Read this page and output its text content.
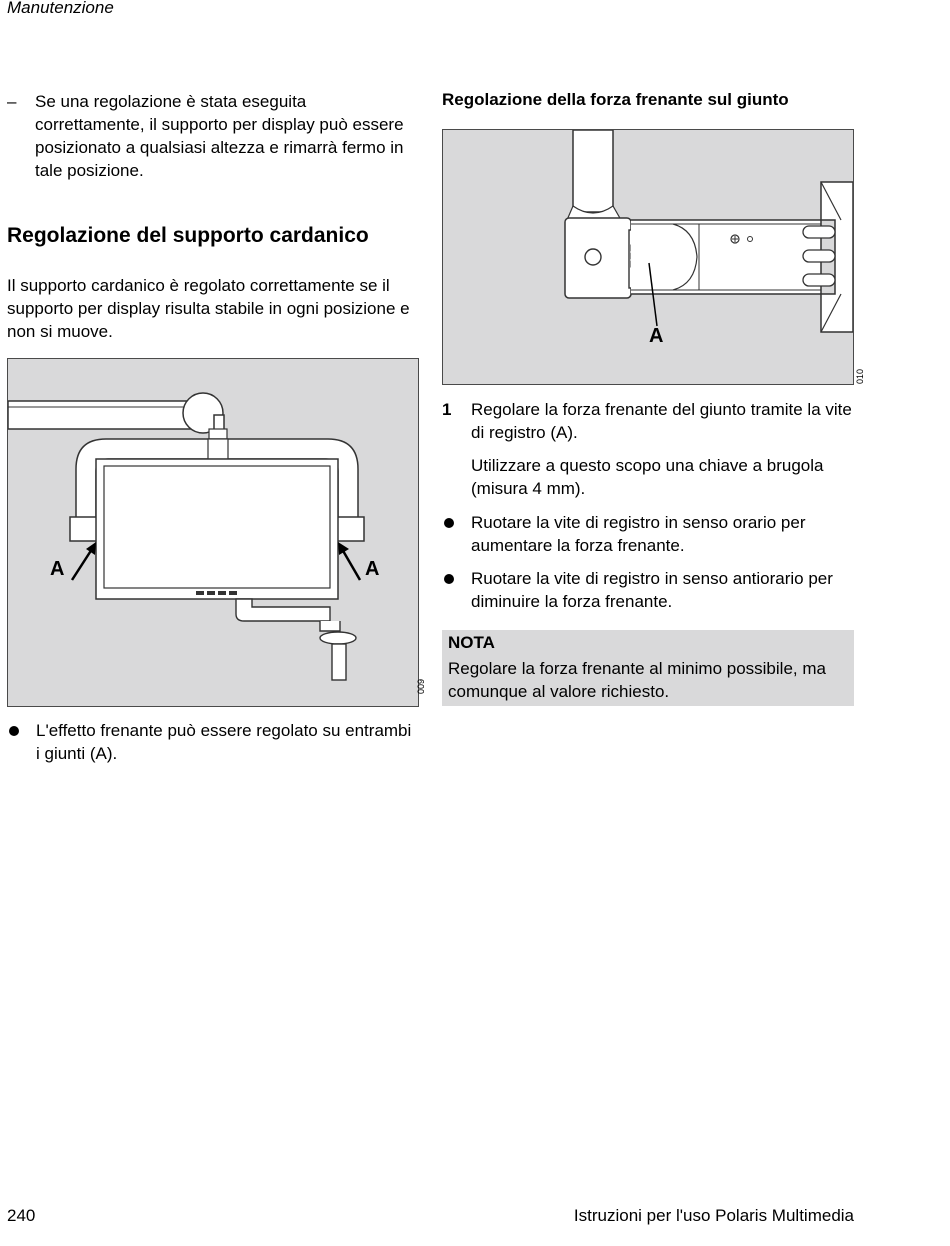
Manutenzione
– Se una regolazione è stata eseguita correttamente, il supporto per display può essere posizionato a qualsiasi altezza e rimarrà fermo in tale posizione.
Regolazione del supporto cardanico
Il supporto cardanico è regolato correttamente se il supporto per display risulta stabile in ogni posizione e non si muove.
A	A
009
L'effetto frenante può essere regolato su entrambi i giunti (A).
Regolazione della forza frenante sul giunto
A
010
1 Regolare la forza frenante del giunto tramite la vite di registro (A).
Utilizzare a questo scopo una chiave a brugola (misura 4 mm).
Ruotare la vite di registro in senso orario per aumentare la forza frenante.
Ruotare la vite di registro in senso antiorario per diminuire la forza frenante.
NOTA
Regolare la forza frenante al minimo possibile, ma comunque al valore richiesto.
240	Istruzioni per l'uso Polaris Multimedia
